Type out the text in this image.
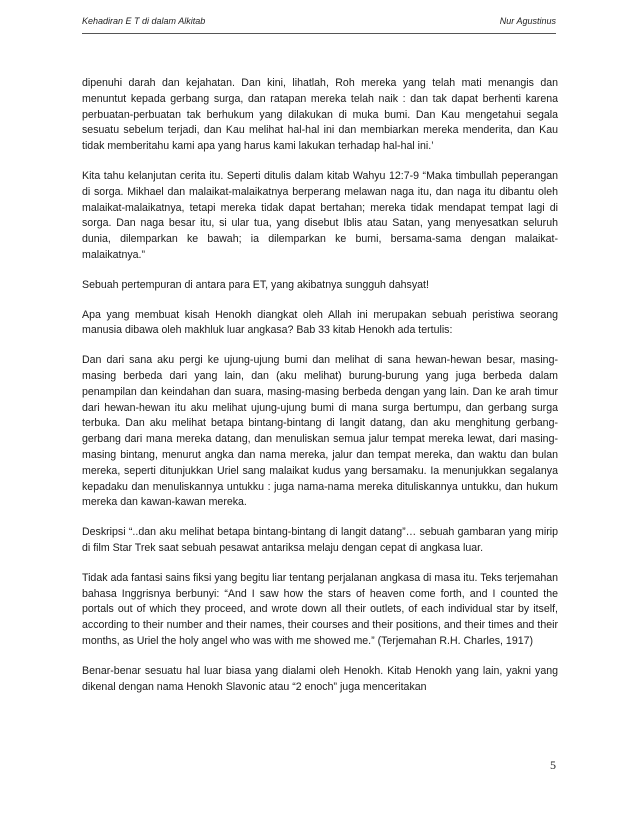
Kehadiran E T di dalam Alkitab	Nur Agustinus

dipenuhi darah dan kejahatan. Dan kini, lihatlah, Roh mereka yang telah mati menangis dan menuntut kepada gerbang surga, dan ratapan mereka telah naik : dan tak dapat berhenti karena perbuatan-perbuatan tak berhukum yang dilakukan di muka bumi. Dan Kau mengetahui segala sesuatu sebelum terjadi, dan Kau melihat hal-hal ini dan membiarkan mereka menderita, dan Kau tidak memberitahu kami apa yang harus kami lakukan terhadap hal-hal ini.’

Kita tahu kelanjutan cerita itu. Seperti ditulis dalam kitab Wahyu 12:7-9 “Maka timbullah peperangan di sorga. Mikhael dan malaikat-malaikatnya berperang melawan naga itu, dan naga itu dibantu oleh malaikat-malaikatnya, tetapi mereka tidak dapat bertahan; mereka tidak mendapat tempat lagi di sorga. Dan naga besar itu, si ular tua, yang disebut Iblis atau Satan, yang menyesatkan seluruh dunia, dilemparkan ke bawah; ia dilemparkan ke bumi, bersama-sama dengan malaikat-malaikatnya.”

Sebuah pertempuran di antara para ET, yang akibatnya sungguh dahsyat!

Apa yang membuat kisah Henokh diangkat oleh Allah ini merupakan sebuah peristiwa seorang manusia dibawa oleh makhluk luar angkasa? Bab 33 kitab Henokh ada tertulis:

Dan dari sana aku pergi ke ujung-ujung bumi dan melihat di sana hewan-hewan besar, masing-masing berbeda dari yang lain, dan (aku melihat) burung-burung yang juga berbeda dalam penampilan dan keindahan dan suara, masing-masing berbeda dengan yang lain. Dan ke arah timur dari hewan-hewan itu aku melihat ujung-ujung bumi di mana surga bertumpu, dan gerbang surga terbuka. Dan aku melihat betapa bintang-bintang di langit datang, dan aku menghitung gerbang-gerbang dari mana mereka datang, dan menuliskan semua jalur tempat mereka lewat, dari masing-masing bintang, menurut angka dan nama mereka, jalur dan tempat mereka, dan waktu dan bulan mereka, seperti ditunjukkan Uriel sang malaikat kudus yang bersamaku. Ia menunjukkan segalanya kepadaku dan menuliskannya untukku : juga nama-nama mereka dituliskannya untukku, dan hukum mereka dan kawan-kawan mereka.

Deskripsi “..dan aku melihat betapa bintang-bintang di langit datang”… sebuah gambaran yang mirip di film Star Trek saat sebuah pesawat antariksa melaju dengan cepat di angkasa luar.

Tidak ada fantasi sains fiksi yang begitu liar tentang perjalanan angkasa di masa itu. Teks terjemahan bahasa Inggrisnya berbunyi: “And I saw how the stars of heaven come forth, and I counted the portals out of which they proceed, and wrote down all their outlets, of each individual star by itself, according to their number and their names, their courses and their positions, and their times and their months, as Uriel the holy angel who was with me showed me.” (Terjemahan R.H. Charles, 1917)

Benar-benar sesuatu hal luar biasa yang dialami oleh Henokh. Kitab Henokh yang lain, yakni yang dikenal dengan nama Henokh Slavonic atau “2 enoch” juga menceritakan

5
